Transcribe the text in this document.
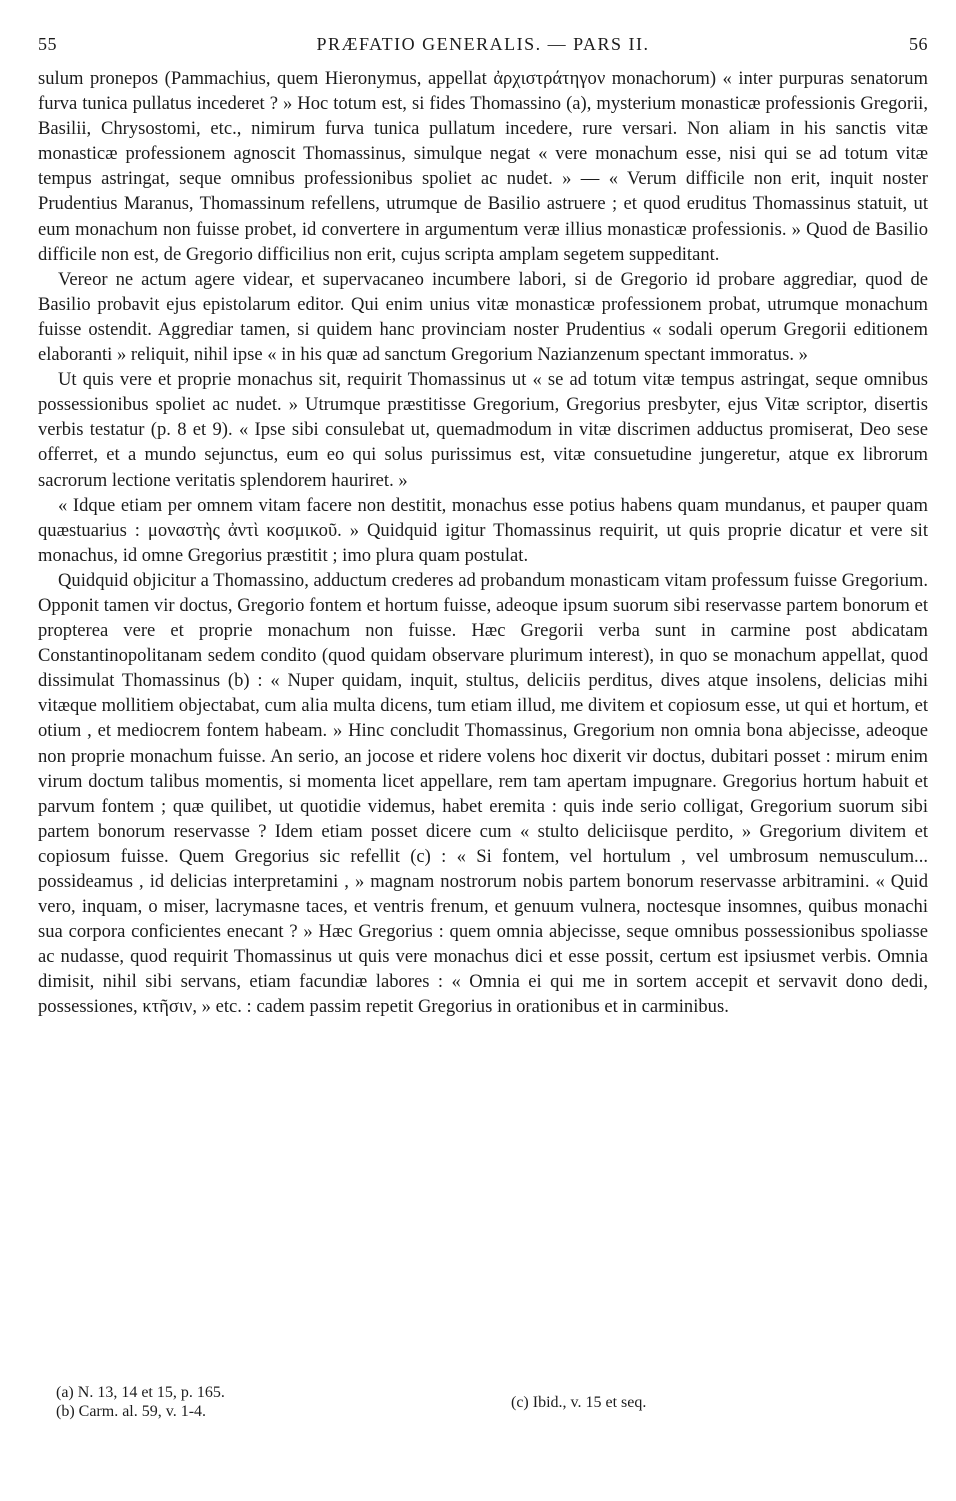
55	PRÆFATIO GENERALIS. — PARS II.	56

sulum pronepos (Pammachius, quem Hieronymus, appellat ἀρχιστράτηγον monachorum) « inter purpuras senatorum furva tunica pullatus incederet ? » Hoc totum est, si fides Thomassino (a), mysterium monasticæ professionis Gregorii, Basilii, Chrysostomi, etc., nimirum furva tunica pullatum incedere, rure versari. Non aliam in his sanctis vitæ monasticæ professionem agnoscit Thomassinus, simulque negat « vere monachum esse, nisi qui se ad totum vitæ tempus astringat, seque omnibus professionibus spoliet ac nudet. » — « Verum difficile non erit, inquit noster Prudentius Maranus, Thomassinum refellens, utrumque de Basilio astruere ; et quod eruditus Thomassinus statuit, ut eum monachum non fuisse probet, id convertere in argumentum veræ illius monasticæ professionis. » Quod de Basilio difficile non est, de Gregorio difficilius non erit, cujus scripta amplam segetem suppeditant.

Vereor ne actum agere videar, et supervacaneo incumbere labori, si de Gregorio id probare aggrediar, quod de Basilio probavit ejus epistolarum editor. Qui enim unius vitæ monasticæ professionem probat, utrumque monachum fuisse ostendit. Aggrediar tamen, si quidem hanc provinciam noster Prudentius « sodali operum Gregorii editionem elaboranti » reliquit, nihil ipse « in his quæ ad sanctum Gregorium Nazianzenum spectant immoratus. »

Ut quis vere et proprie monachus sit, requirit Thomassinus ut « se ad totum vitæ tempus astringat, seque omnibus possessionibus spoliet ac nudet. » Utrumque præstitisse Gregorium, Gregorius presbyter, ejus Vitæ scriptor, disertis verbis testatur (p. 8 et 9). « Ipse sibi consulebat ut, quemadmodum in vitæ discrimen adductus promiserat, Deo sese offerret, et a mundo sejunctus, eum eo qui solus purissimus est, vitæ consuetudine jungeretur, atque ex librorum sacrorum lectione veritatis splendorem hauriret. »

« Idque etiam per omnem vitam facere non destitit, monachus esse potius habens quam mundanus, et pauper quam quæstuarius : μοναστὴς ἀντὶ κοσμικοῦ. » Quidquid igitur Thomassinus requirit, ut quis proprie dicatur et vere sit monachus, id omne Gregorius præstitit ; imo plura quam postulat.

Quidquid objicitur a Thomassino, adductum crederes ad probandum monasticam vitam professum fuisse Gregorium. Opponit tamen vir doctus, Gregorio fontem et hortum fuisse, adeoque ipsum suorum sibi reservasse partem bonorum et propterea vere et proprie monachum non fuisse. Hæc Gregorii verba sunt in carmine post abdicatam Constantinopolitanam sedem condito (quod quidam observare plurimum interest), in quo se monachum appellat, quod dissimulat Thomassinus (b) : « Nuper quidam, inquit, stultus, deliciis perditus, dives atque insolens, delicias mihi vitæque mollitiem objectabat, cum alia multa dicens, tum etiam illud, me divitem et copiosum esse, ut qui et hortum, et otium , et mediocrem fontem habeam. » Hinc concludit Thomassinus, Gregorium non omnia bona abjecisse, adeoque non proprie monachum fuisse. An serio, an jocose et ridere volens hoc dixerit vir doctus, dubitari posset : mirum enim virum doctum talibus momentis, si momenta licet appellare, rem tam apertam impugnare. Gregorius hortum habuit et parvum fontem ; quæ quilibet, ut quotidie videmus, habet eremita : quis inde serio colligat, Gregorium suorum sibi partem bonorum reservasse ? Idem etiam posset dicere cum « stulto deliciisque perdito, » Gregorium divitem et copiosum fuisse. Quem Gregorius sic refellit (c) : « Si fontem, vel hortulum , vel umbrosum nemusculum... possideamus , id delicias interpretamini , » magnam nostrorum nobis partem bonorum reservasse arbitramini. « Quid vero, inquam, o miser, lacrymasne taces, et ventris frenum, et genuum vulnera, noctesque insomnes, quibus monachi sua corpora conficientes enecant ? » Hæc Gregorius : quem omnia abjecisse, seque omnibus possessionibus spoliasse ac nudasse, quod requirit Thomassinus ut quis vere monachus dici et esse possit, certum est ipsiusmet verbis. Omnia dimisit, nihil sibi servans, etiam facundiæ labores : « Omnia ei qui me in sortem accepit et servavit dono dedi, possessiones, κτῆσιν, » etc. : cadem passim repetit Gregorius in orationibus et in carminibus.

(a) N. 13, 14 et 15, p. 165.
(b) Carm. al. 59, v. 1-4.
(c) Ibid., v. 15 et seq.
